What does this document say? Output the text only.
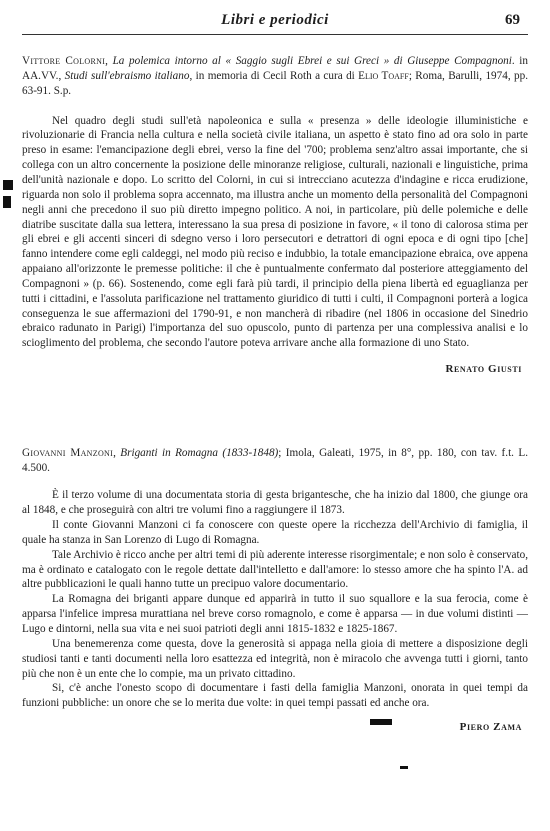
Libri e periodici	69

Vittore Colorni, La polemica intorno al « Saggio sugli Ebrei e sui Greci » di Giuseppe Compagnoni. in AA.VV., Studi sull'ebraismo italiano, in memoria di Cecil Roth a cura di Elio Toaff; Roma, Barulli, 1974, pp. 63-91. S.p.

Nel quadro degli studi sull'età napoleonica e sulla « presenza » delle ideologie illuministiche e rivoluzionarie di Francia nella cultura e nella società civile italiana, un aspetto è stato fino ad ora solo in parte preso in esame: l'emancipazione degli ebrei, verso la fine del '700; problema senz'altro assai importante, che si collega con un altro concernente la posizione delle minoranze religiose, culturali, nazionali e linguistiche, prima dell'unità nazionale e dopo. Lo scritto del Colorni, in cui si intrecciano acutezza d'indagine e ricca erudizione, riguarda non solo il problema sopra accennato, ma illustra anche un momento della personalità del Compagnoni negli anni che precedono il suo più diretto impegno politico. A noi, in particolare, più delle polemiche e delle diatribe suscitate dalla sua lettera, interessano la sua presa di posizione in favore, « il tono di calorosa stima per gli ebrei e gli accenti sinceri di sdegno verso i loro persecutori e detrattori di ogni epoca e di ogni tipo [che] fanno intendere come egli caldeggi, nel modo più reciso e indubbio, la totale emancipazione ebraica, ove appena appaiano all'orizzonte le premesse politiche: il che è puntualmente confermato dal posteriore atteggiamento del Compagnoni » (p. 66). Sostenendo, come egli farà più tardi, il principio della piena libertà ed eguaglianza per tutti i cittadini, e l'assoluta parificazione nel trattamento giuridico di tutti i culti, il Compagnoni porterà a logica conseguenza le sue affermazioni del 1790-91, e non mancherà di ribadire (nel 1806 in occasione del Sinedrio ebraico radunato in Parigi) l'importanza del suo opuscolo, punto di partenza per una complessiva analisi e lo scioglimento del problema, che secondo l'autore poteva arrivare anche alla formazione di uno Stato.

Renato Giusti

Giovanni Manzoni, Briganti in Romagna (1833-1848); Imola, Galeati, 1975, in 8°, pp. 180, con tav. f.t. L. 4.500.

È il terzo volume di una documentata storia di gesta brigantesche, che ha inizio dal 1800, che giunge ora al 1848, e che proseguirà con altri tre volumi fino a raggiungere il 1873.

Il conte Giovanni Manzoni ci fa conoscere con queste opere la ricchezza dell'Archivio di famiglia, il quale ha stanza in San Lorenzo di Lugo di Romagna.

Tale Archivio è ricco anche per altri temi di più aderente interesse risorgimentale; e non solo è conservato, ma è ordinato e catalogato con le regole dettate dall'intelletto e dall'amore: lo stesso amore che ha spinto l'A. ad altre pubblicazioni le quali hanno tutte un precipuo valore documentario.

La Romagna dei briganti appare dunque ed apparirà in tutto il suo squallore e la sua ferocia, come è apparsa l'infelice impresa murattiana nel breve corso romagnolo, e come è apparsa — in due volumi distinti — Lugo e dintorni, nella sua vita e nei suoi patrioti degli anni 1815-1832 e 1825-1867.

Una benemerenza come questa, dove la generosità si appaga nella gioia di mettere a disposizione degli studiosi tanti e tanti documenti nella loro esattezza ed integrità, non è miracolo che avvenga tutti i giorni, tanto più che non è un ente che lo compie, ma un privato cittadino.

Si, c'è anche l'onesto scopo di documentare i fasti della famiglia Manzoni, onorata in quei tempi da funzioni pubbliche: un onore che se lo merita due volte: in quei tempi passati ed anche ora.

Piero Zama
